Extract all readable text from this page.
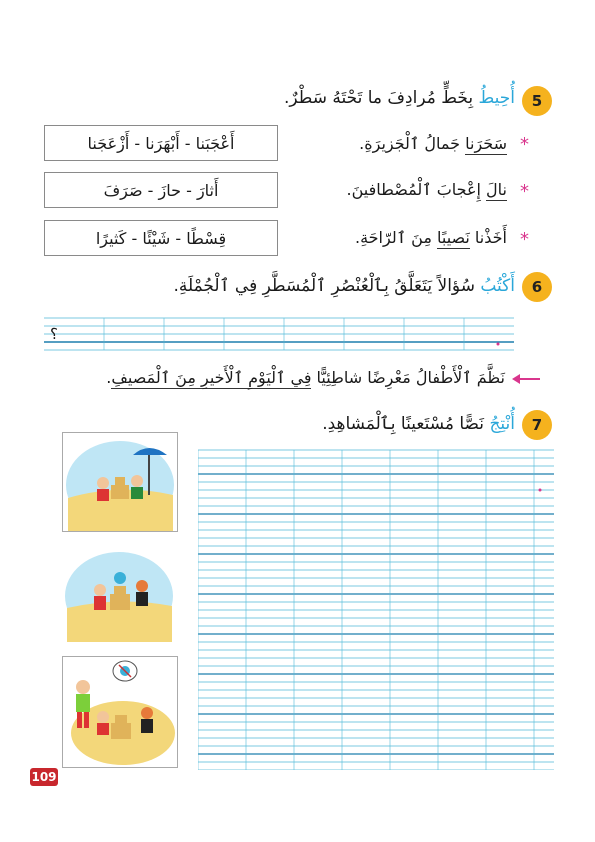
5
أُحِيطُ بِخَطٍّ مُرادِفَ ما تَحْتَهُ سَطْرٌ.
*
سَحَرَنا جَمالُ ٱلْجَزيرَةِ.
أَعْجَبَنا - أَبْهَرَنا - أَزْعَجَنا
*
نالَ إِعْجابَ ٱلْمُصْطافينَ.
أَثارَ - حازَ - صَرَفَ
*
أَخَذْنا نَصيبًا مِنَ ٱلرّاحَةِ.
قِسْطًا - شَيْئًا - كَثيرًا
6
أَكْتُبُ سُؤالاً يَتَعَلَّقُ بِٱلْعُنْصُرِ ٱلْمُسَطَّرِ فِي ٱلْجُمْلَةِ.
؟
نَظَّمَ ٱلْأَطْفالُ مَعْرِضًا شاطِئِيًّا فِي ٱلْيَوْمِ ٱلْأَخيرِ مِنَ ٱلْمَصيفِ.
7
أُنْتِجُ نَصًّا مُسْتَعينًا بِٱلْمَشاهِدِ.
109
